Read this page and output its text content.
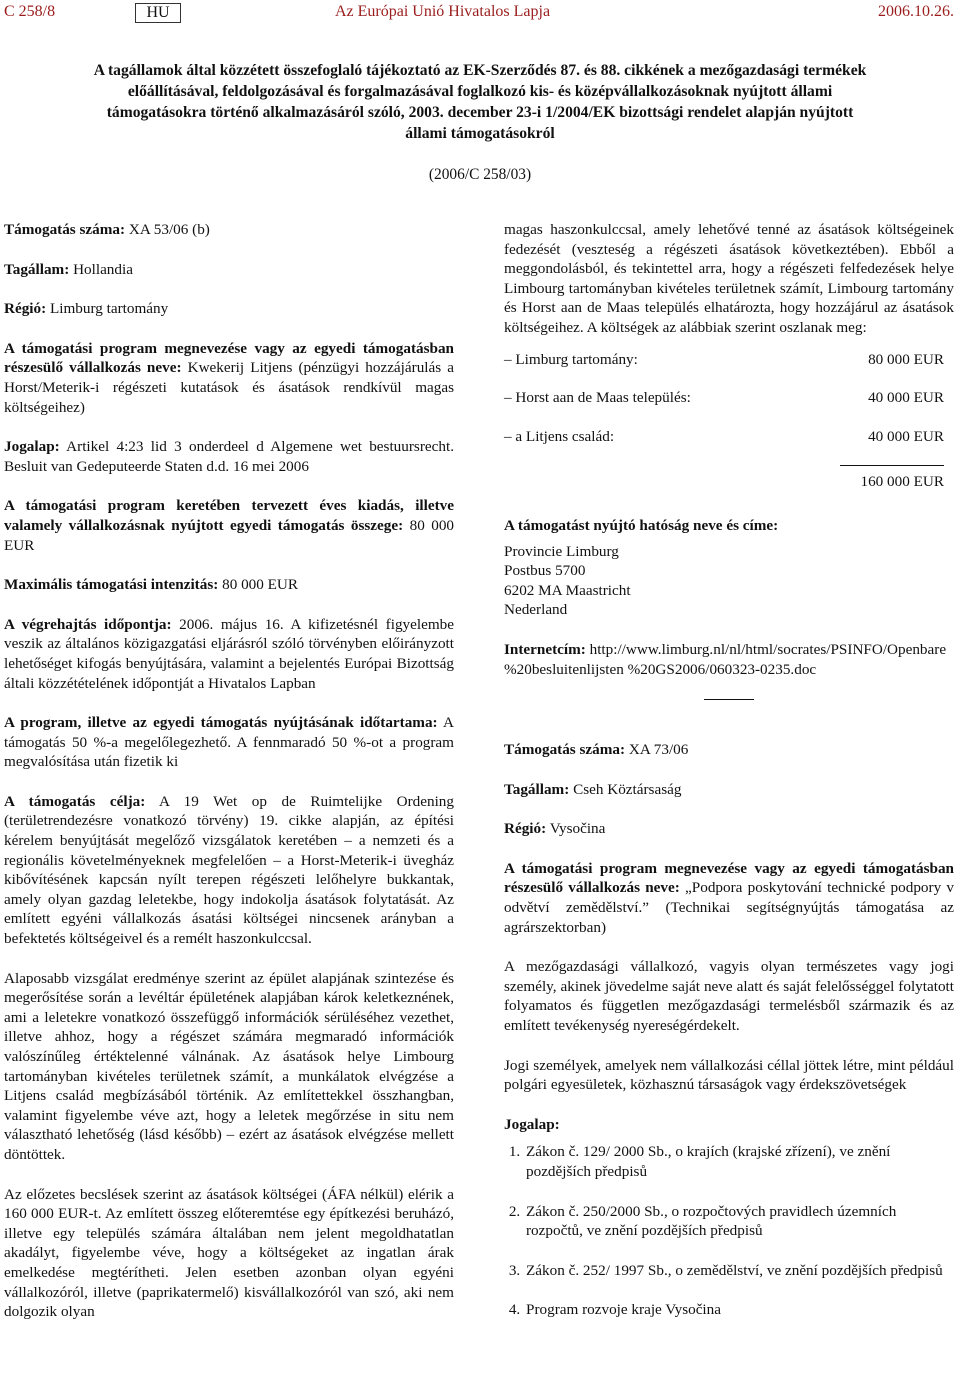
C 258/8	HU	Az Európai Unió Hivatalos Lapja	2006.10.26.
A tagállamok által közzétett összefoglaló tájékoztató az EK-Szerződés 87. és 88. cikkének a mezőgazdasági termékek előállításával, feldolgozásával és forgalmazásával foglalkozó kis- és középvállalkozásoknak nyújtott állami támogatásokra történő alkalmazásáról szóló, 2003. december 23-i 1/2004/EK bizottsági rendelet alapján nyújtott állami támogatásokról
(2006/C 258/03)

Támogatás száma: XA 53/06 (b)

Tagállam: Hollandia

Régió: Limburg tartomány

A támogatási program megnevezése vagy az egyedi támogatásban részesülő vállalkozás neve: Kwekerij Litjens (pénzügyi hozzájárulás a Horst/Meterik-i régészeti kutatások és ásatások rendkívül magas költségeihez)

Jogalap: Artikel 4:23 lid 3 onderdeel d Algemene wet bestuursrecht. Besluit van Gedeputeerde Staten d.d. 16 mei 2006

A támogatási program keretében tervezett éves kiadás, illetve valamely vállalkozásnak nyújtott egyedi támogatás összege: 80 000 EUR

Maximális támogatási intenzitás: 80 000 EUR

A végrehajtás időpontja: 2006. május 16. A kifizetésnél figyelembe veszik az általános közigazgatási eljárásról szóló törvényben előirányzott lehetőséget kifogás benyújtására, valamint a bejelentés Európai Bizottság általi közzétételének időpontját a Hivatalos Lapban

A program, illetve az egyedi támogatás nyújtásának időtartama: A támogatás 50 %-a megelőlegezhető. A fennmaradó 50 %-ot a program megvalósítása után fizetik ki

A támogatás célja: A 19 Wet op de Ruimtelijke Ordening (területrendezésre vonatkozó törvény) 19. cikke alapján, az építési kérelem benyújtását megelőző vizsgálatok keretében – a nemzeti és a regionális követelményeknek megfelelően – a Horst-Meterik-i üvegház kibővítésének kapcsán nyílt terepen régészeti lelőhelyre bukkantak, amely olyan gazdag leletekbe, hogy indokolja ásatások folytatását. Az említett egyéni vállalkozás ásatási költségei nincsenek arányban a befektetés költségeivel és a remélt haszonkulccsal.

Alaposabb vizsgálat eredménye szerint az épület alapjának szintezése és megerősítése során a levéltár épületének alapjában károk keletkeznének, ami a leletekre vonatkozó összefüggő információk sérüléséhez vezethet, illetve ahhoz, hogy a régészet számára megmaradó információk valószínűleg értéktelenné válnának. Az ásatások helye Limbourg tartományban kivételes területnek számít, a munkálatok elvégzése a Litjens család megbízásából történik. Az említettekkel összhangban, valamint figyelembe véve azt, hogy a leletek megőrzése in situ nem választható lehetőség (lásd később) – ezért az ásatások elvégzése mellett döntöttek.

Az előzetes becslések szerint az ásatások költségei (ÁFA nélkül) elérik a 160 000 EUR-t. Az említett összeg előteremtése egy építkezési beruházó, illetve egy település számára általában nem jelent megoldhatatlan akadályt, figyelembe véve, hogy a költségeket az ingatlan árak emelkedése megtérítheti. Jelen esetben azonban olyan egyéni vállalkozóról, illetve (paprikatermelő) kisvállalkozóról van szó, aki nem dolgozik olyan

magas haszonkulccsal, amely lehetővé tenné az ásatások költségeinek fedezését (veszteség a régészeti ásatások következtében). Ebből a meggondolásból, és tekintettel arra, hogy a régészeti felfedezések helye Limbourg tartományban kivételes területnek számít, Limbourg tartomány és Horst aan de Maas település elhatározta, hogy hozzájárul az ásatások költségeihez. A költségek az alábbiak szerint oszlanak meg:

– Limburg tartomány:	80 000 EUR
– Horst aan de Maas település:	40 000 EUR
– a Litjens család:	40 000 EUR
160 000 EUR

A támogatást nyújtó hatóság neve és címe:

Provincie Limburg
Postbus 5700
6202 MA Maastricht
Nederland

Internetcím: http://www.limburg.nl/nl/html/socrates/PSINFO/Openbare %20besluitenlijsten %20GS2006/060323-0235.doc

Támogatás száma: XA 73/06

Tagállam: Cseh Köztársaság

Régió: Vysočina

A támogatási program megnevezése vagy az egyedi támogatásban részesülő vállalkozás neve: „Podpora poskytování technické podpory v odvětví zemědělství.” (Technikai segítségnyújtás támogatása az agrárszektorban)

A mezőgazdasági vállalkozó, vagyis olyan természetes vagy jogi személy, akinek jövedelme saját neve alatt és saját felelősséggel folytatott folyamatos és független mezőgazdasági termelésből származik és az említett tevékenység nyereségérdekelt.

Jogi személyek, amelyek nem vállalkozási céllal jöttek létre, mint például polgári egyesületek, közhasznú társaságok vagy érdekszövetségek

Jogalap:

1. Zákon č. 129/ 2000 Sb., o krajích (krajské zřízení), ve znění pozdějších předpisů
2. Zákon č. 250/2000 Sb., o rozpočtových pravidlech územních rozpočtů, ve znění pozdějších předpisů
3. Zákon č. 252/ 1997 Sb., o zemědělství, ve znění pozdějších předpisů
4. Program rozvoje kraje Vysočina
